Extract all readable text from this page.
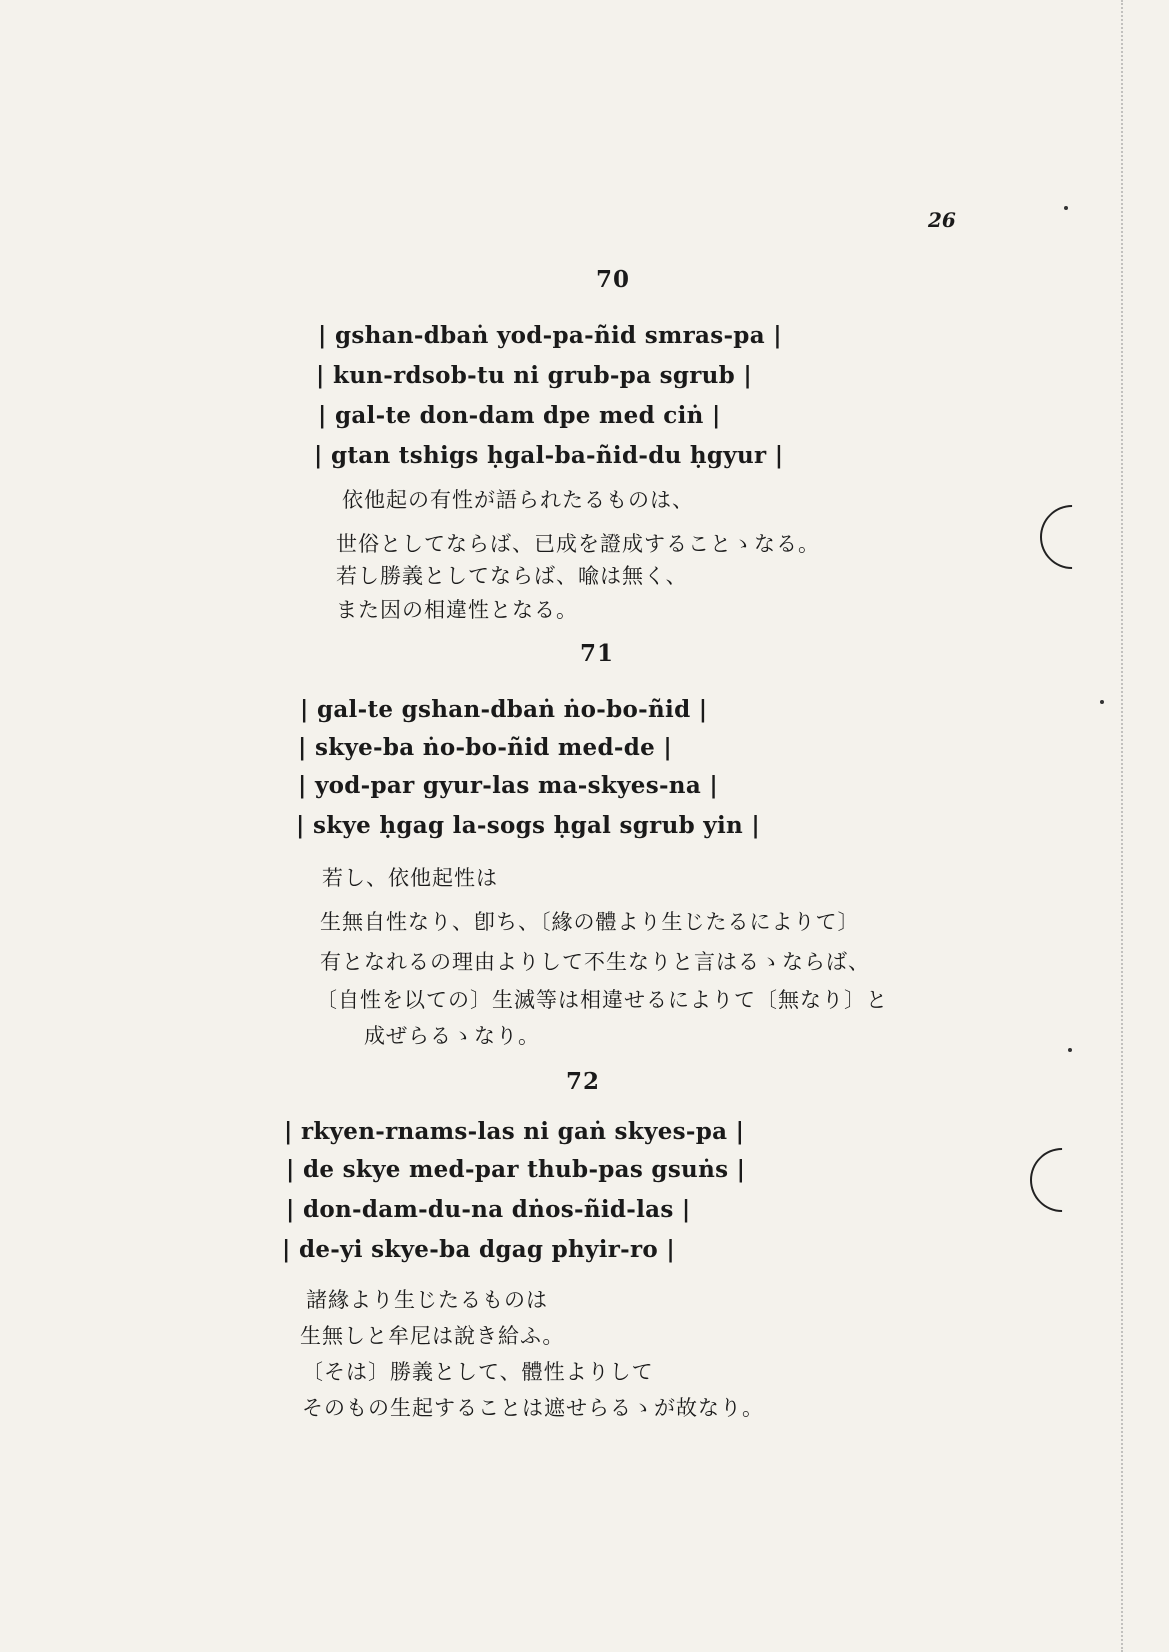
26
70
| gshan-dbaṅ yod-pa-ñid smras-pa |
| kun-rdsob-tu ni grub-pa sgrub |
| gal-te don-dam dpe med ciṅ |
| gtan tshigs ḥgal-ba-ñid-du ḥgyur |
依他起の有性が語られたるものは、
世俗としてならば、已成を證成することゝなる。
若し勝義としてならば、喩は無く、
また因の相違性となる。
71
| gal-te gshan-dbaṅ ṅo-bo-ñid |
| skye-ba ṅo-bo-ñid med-de |
| yod-par gyur-las ma-skyes-na |
| skye ḥgag la-sogs ḥgal sgrub yin |
若し、依他起性は
生無自性なり、卽ち、〔緣の體より生じたるによりて〕
有となれるの理由よりして不生なりと言はるゝならば、
〔自性を以ての〕生滅等は相違せるによりて〔無なり〕と
成ぜらるゝなり。
72
| rkyen-rnams-las ni gaṅ skyes-pa |
| de skye med-par thub-pas gsuṅs |
| don-dam-du-na dṅos-ñid-las |
| de-yi skye-ba dgag phyir-ro |
諸緣より生じたるものは
生無しと牟尼は說き給ふ。
〔そは〕勝義として、體性よりして
そのもの生起することは遮せらるゝが故なり。
